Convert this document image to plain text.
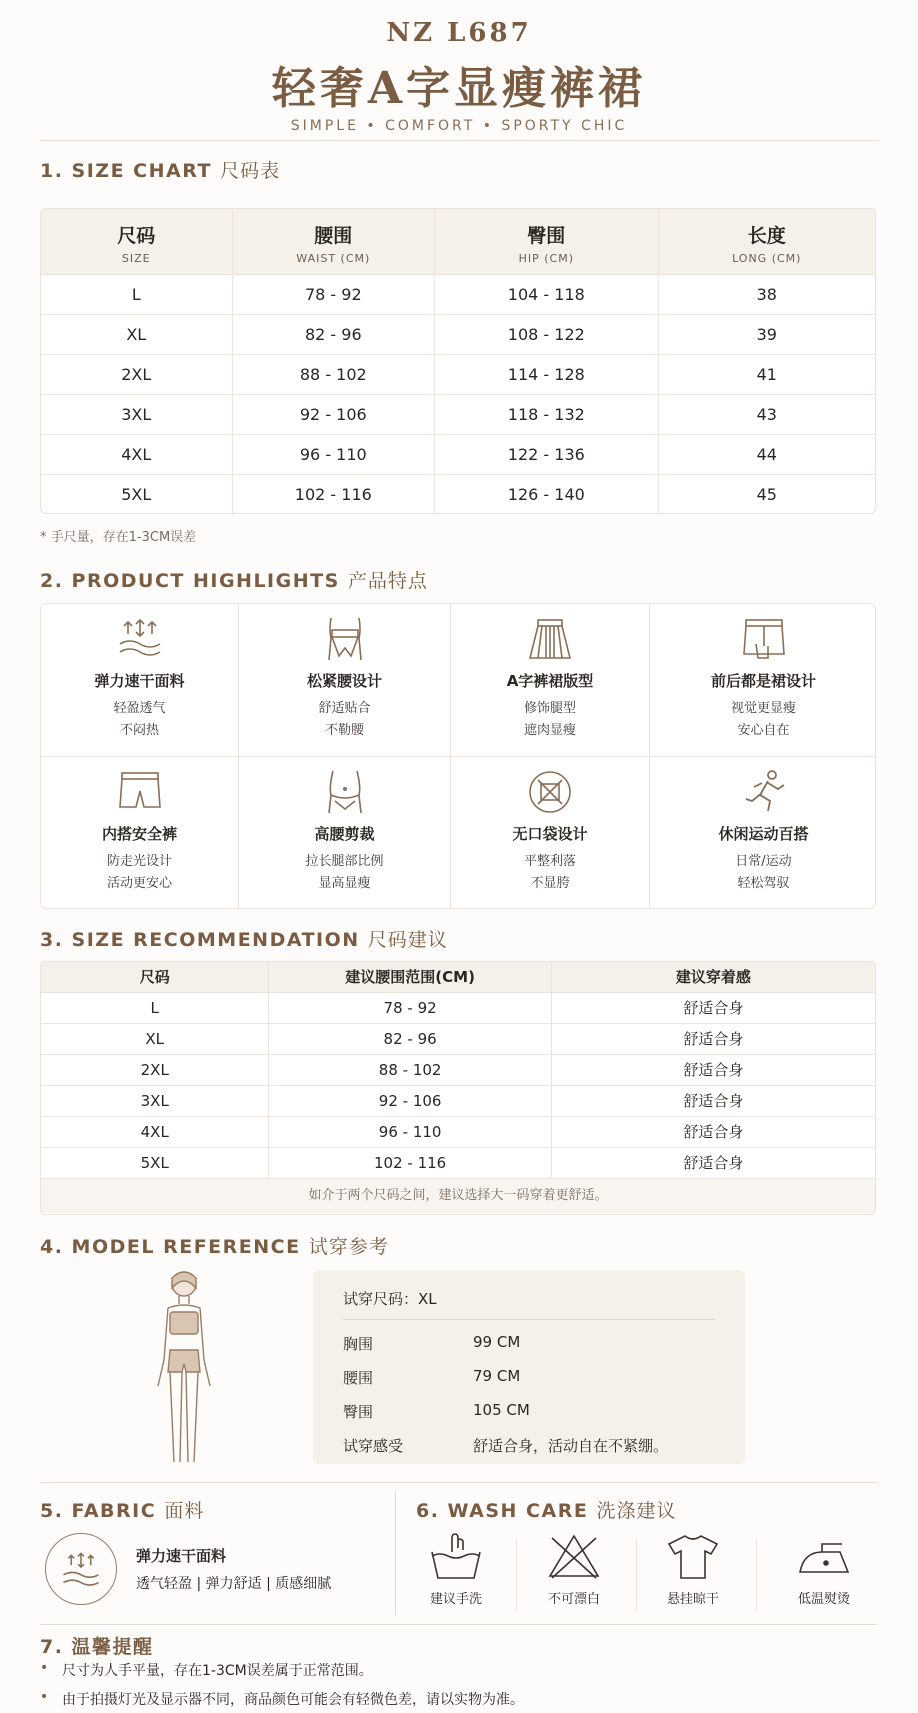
NZ L687
轻奢A字显瘦裤裙
SIMPLE • COMFORT • SPORTY CHIC
1. SIZE CHART 尺码表
尺码
SIZE
腰围
WAIST (CM)
臀围
HIP (CM)
长度
LONG (CM)
L	78 - 92	104 - 118	38
XL	82 - 96	108 - 122	39
2XL	88 - 102	114 - 128	41
3XL	92 - 106	118 - 132	43
4XL	96 - 110	122 - 136	44
5XL	102 - 116	126 - 140	45
* 手尺量，存在1-3CM误差
2. PRODUCT HIGHLIGHTS 产品特点
弹力速干面料
轻盈透气
不闷热
松紧腰设计
舒适贴合
不勒腰
A字裤裙版型
修饰腿型
遮肉显瘦
前后都是裙设计
视觉更显瘦
安心自在
内搭安全裤
防走光设计
活动更安心
高腰剪裁
拉长腿部比例
显高显瘦
无口袋设计
平整利落
不显胯
休闲运动百搭
日常/运动
轻松驾驭
3. SIZE RECOMMENDATION 尺码建议
尺码	建议腰围范围(CM)	建议穿着感
L	78 - 92	舒适合身
XL	82 - 96	舒适合身
2XL	88 - 102	舒适合身
3XL	92 - 106	舒适合身
4XL	96 - 110	舒适合身
5XL	102 - 116	舒适合身
如介于两个尺码之间，建议选择大一码穿着更舒适。
4. MODEL REFERENCE 试穿参考
试穿尺码：XL
胸围	99 CM
腰围	79 CM
臀围	105 CM
试穿感受	舒适合身，活动自在不紧绷。
5. FABRIC 面料
弹力速干面料
透气轻盈 | 弹力舒适 | 质感细腻
6. WASH CARE 洗涤建议
建议手洗	不可漂白	悬挂晾干	低温熨烫
7. 温馨提醒
• 尺寸为人手平量，存在1-3CM误差属于正常范围。
• 由于拍摄灯光及显示器不同，商品颜色可能会有轻微色差，请以实物为准。
